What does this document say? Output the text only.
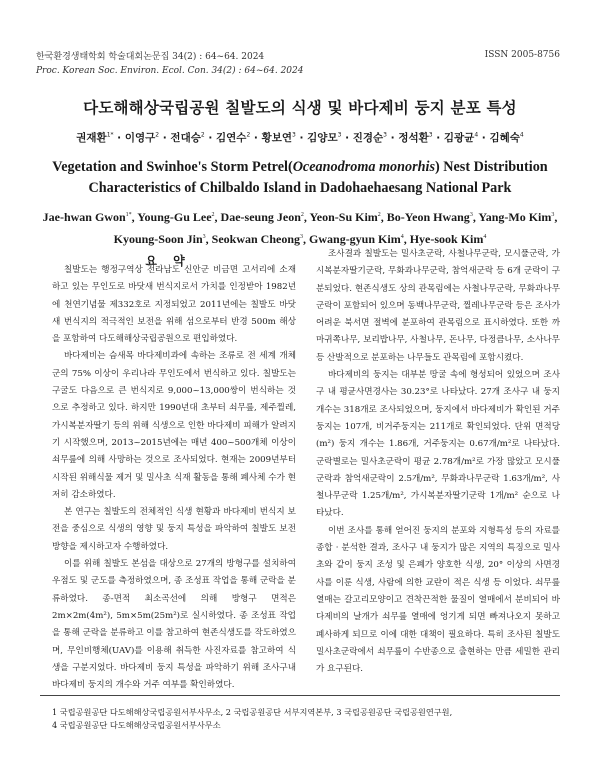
한국환경생태학회 학술대회논문집 34(2) : 64~64. 2024
Proc. Korean Soc. Environ. Ecol. Con. 34(2) : 64~64. 2024
ISSN 2005-8756
다도해해상국립공원 칠발도의 식생 및 바다제비 둥지 분포 특성
권재환$^{1*}$ · 이영구$^2$ · 전대승$^2$ · 김연수$^2$ · 황보연$^3$ · 김양모$^3$ · 진경순$^3$ · 정석환$^3$ · 김광균$^4$ · 김혜숙$^4$
Vegetation and Swinhoe's Storm Petrel(Oceanodroma monorhis) Nest Distribution Characteristics of Chilbaldo Island in Dadohaehaesang National Park
Jae-hwan Gwon$^{1*}$, Young-Gu Lee$^2$, Dae-seung Jeon$^2$, Yeon-Su Kim$^2$, Bo-Yeon Hwang$^3$, Yang-Mo Kim$^3$, Kyoung-Soon Jin$^3$, Seokwan Cheong$^3$, Gwang-gyun Kim$^4$, Hye-sook Kim$^4$
요 약

칠발도는 행정구역상 전라남도 신안군 비금면 고서리에 소재하고 있는 무인도로 바닷새 번식지로서 가치를 인정받아 1982년에 천연기념물 제332호로 지정되었고 2011년에는 칠발도 바닷새 번식지의 적극적인 보전을 위해 섬으로부터 반경 500m 해상을 포함하여 다도해해상국립공원으로 편입하였다.

바다제비는 슴새목 바다제비과에 속하는 조류로 전 세계 개체군의 75% 이상이 우리나라 무인도에서 번식하고 있다. 칠발도는 구굴도 다음으로 큰 번식지로 9,000~13,000쌍이 번식하는 것으로 추정하고 있다. 하지만 1990년대 초부터 쇠무릎, 제주찔레, 가시복분자딸기 등의 위해 식생으로 인한 바다제비 피해가 알려지기 시작했으며, 2013~2015년에는 매년 400~500개체 이상이 쇠무릎에 의해 사망하는 것으로 조사되었다. 현재는 2009년부터 시작된 위해식물 제거 및 밀사초 식재 활동을 통해 폐사체 수가 현저히 감소하였다.

본 연구는 칠발도의 전체적인 식생 현황과 바다제비 번식지 보전을 중심으로 식생의 영향 및 둥지 특성을 파악하여 칠발도 보전 방향을 제시하고자 수행하였다.

이를 위해 칠발도 본섬을 대상으로 27개의 방형구를 설치하여 우점도 및 군도를 측정하였으며, 종 조성표 작업을 통해 군락을 분류하였다. 종-면적 최소곡선에 의해 방형구 면적은 2m×2m(4m²), 5m×5m(25m²)로 실시하였다. 종 조성표 작업을 통해 군락을 분류하고 이를 참고하여 현존식생도를 작도하였으며, 무인비행체(UAV)를 이용해 취득한 사진자료를 참고하여 식생을 구분지었다. 바다제비 둥지 특성을 파악하기 위해 조사구내 바다제비 둥지의 개수와 거주 여부를 확인하였다.

조사결과 칠발도는 밀사초군락, 사철나무군락, 모시풀군락, 가시복분자딸기군락, 무화과나무군락, 참억새군락 등 6개 군락이 구분되었다. 현존식생도 상의 관목림에는 사철나무군락, 무화과나무군락이 포함되어 있으며 동백나무군락, 찔레나무군락 등은 조사가 어려운 북서면 절벽에 분포하여 관목림으로 표시하였다. 또한 까마귀쪽나무, 보리밥나무, 사철나무, 돈나무, 다정큼나무, 소사나무 등 산발적으로 분포하는 나무들도 관목림에 포함시켰다.

바다제비의 둥지는 대부분 땅굴 속에 형성되어 있었으며 조사구 내 평균사면경사는 30.23°로 나타났다. 27개 조사구 내 둥지 개수는 318개로 조사되었으며, 둥지에서 바다제비가 확인된 거주둥지는 107개, 비거주둥지는 211개로 확인되었다. 단위 면적당(m²) 둥지 개수는 1.86개, 거주둥지는 0.67개/m²로 나타났다. 군락별로는 밀사초군락이 평균 2.78개/m²로 가장 많았고 모시풀군락과 참억새군락이 2.5개/m², 무화과나무군락 1.63개/m², 사철나무군락 1.25개/m², 가시복분자딸기군락 1개/m² 순으로 나타났다.

이번 조사를 통해 얻어진 둥지의 분포와 지형특성 등의 자료를 종합 · 분석한 결과, 조사구 내 둥지가 많은 지역의 특징으로 밀사초와 같이 둥지 조성 및 은폐가 양호한 식생, 20° 이상의 사면경사를 이룬 식생, 사람에 의한 교란이 적은 식생 등 이었다. 쇠무릎 열매는 갈고리모양이고 견착끈적한 물질이 열매에서 분비되어 바다제비의 날개가 쇠무릎 열매에 엉기게 되면 빠져나오지 못하고 폐사하게 되므로 이에 대한 대책이 필요하다. 특히 조사된 칠발도 밀사초군락에서 쇠무릎이 수반종으로 출현하는 만큼 세밀한 관리가 요구된다.

1 국립공원공단 다도해해상국립공원서부사무소, 2 국립공원공단 서부지역본부, 3 국립공원공단 국립공원연구원,
4 국립공원공단 다도해해상국립공원서부사무소
